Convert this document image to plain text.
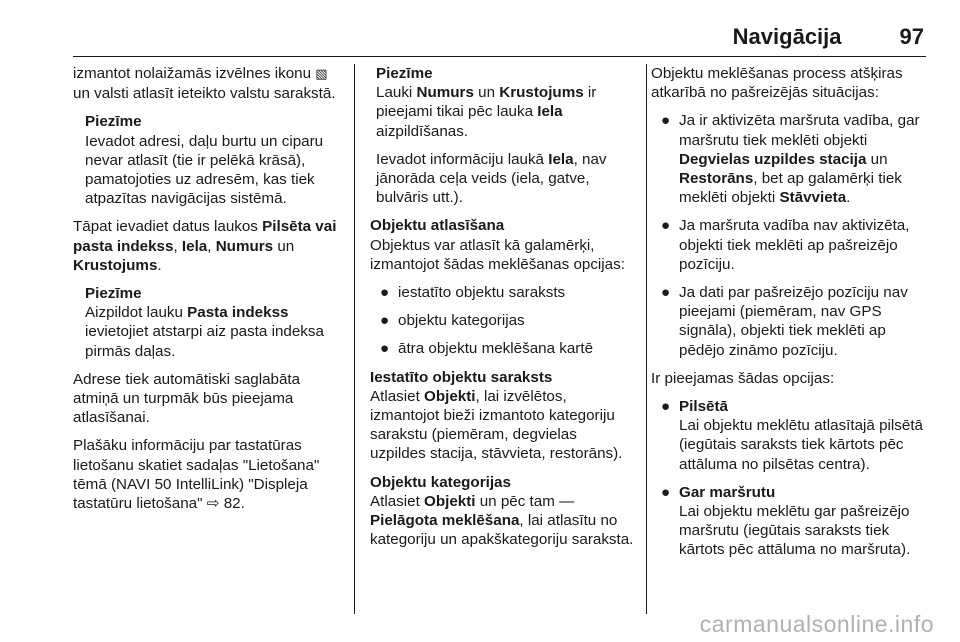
Navigācija	97

izmantot nolaižamās izvēlnes ikonu ▧ un valsti atlasīt ieteikto valstu sarakstā.

Piezīme

Ievadot adresi, daļu burtu un ciparu nevar atlasīt (tie ir pelēkā krāsā), pamatojoties uz adresēm, kas tiek atpazītas navigācijas sistēmā.

Tāpat ievadiet datus laukos Pilsēta vai pasta indekss, Iela, Numurs un Krustojums.

Piezīme

Aizpildot lauku Pasta indekss ievietojiet atstarpi aiz pasta indeksa pirmās daļas.

Adrese tiek automātiski saglabāta atmiņā un turpmāk būs pieejama atlasīšanai.

Plašāku informāciju par tastatūras lietošanu skatiet sadaļas "Lietošana" tēmā (NAVI 50 IntelliLink) "Displeja tastatūru lietošana" ⇨ 82.

Piezīme

Lauki Numurs un Krustojums ir pieejami tikai pēc lauka Iela aizpildīšanas.

Ievadot informāciju laukā Iela, nav jānorāda ceļa veids (iela, gatve, bulvāris utt.).

Objektu atlasīšana
Objektus var atlasīt kā galamērķi, izmantojot šādas meklēšanas opcijas:
● iestatīto objektu saraksts
● objektu kategorijas
● ātra objektu meklēšana kartē
Iestatīto objektu saraksts
Atlasiet Objekti, lai izvēlētos, izmantojot bieži izmantoto kategoriju sarakstu (piemēram, degvielas uzpildes stacija, stāvvieta, restorāns).
Objektu kategorijas
Atlasiet Objekti un pēc tam — Pielāgota meklēšana, lai atlasītu no kategoriju un apakškategoriju saraksta.

Objektu meklēšanas process atšķiras atkarībā no pašreizējās situācijas:

● Ja ir aktivizēta maršruta vadība, gar maršrutu tiek meklēti objekti Degvielas uzpildes stacija un Restorāns, bet ap galamērķi tiek meklēti objekti Stāvvieta.
● Ja maršruta vadība nav aktivizēta, objekti tiek meklēti ap pašreizējo pozīciju.
● Ja dati par pašreizējo pozīciju nav pieejami (piemēram, nav GPS signāla), objekti tiek meklēti ap pēdējo zināmo pozīciju.

Ir pieejamas šādas opcijas:

● Pilsētā
Lai objektu meklētu atlasītajā pilsētā (iegūtais saraksts tiek kārtots pēc attāluma no pilsētas centra).
● Gar maršrutu
Lai objektu meklētu gar pašreizējo maršrutu (iegūtais saraksts tiek kārtots pēc attāluma no maršruta).
carmanualsonline.info
